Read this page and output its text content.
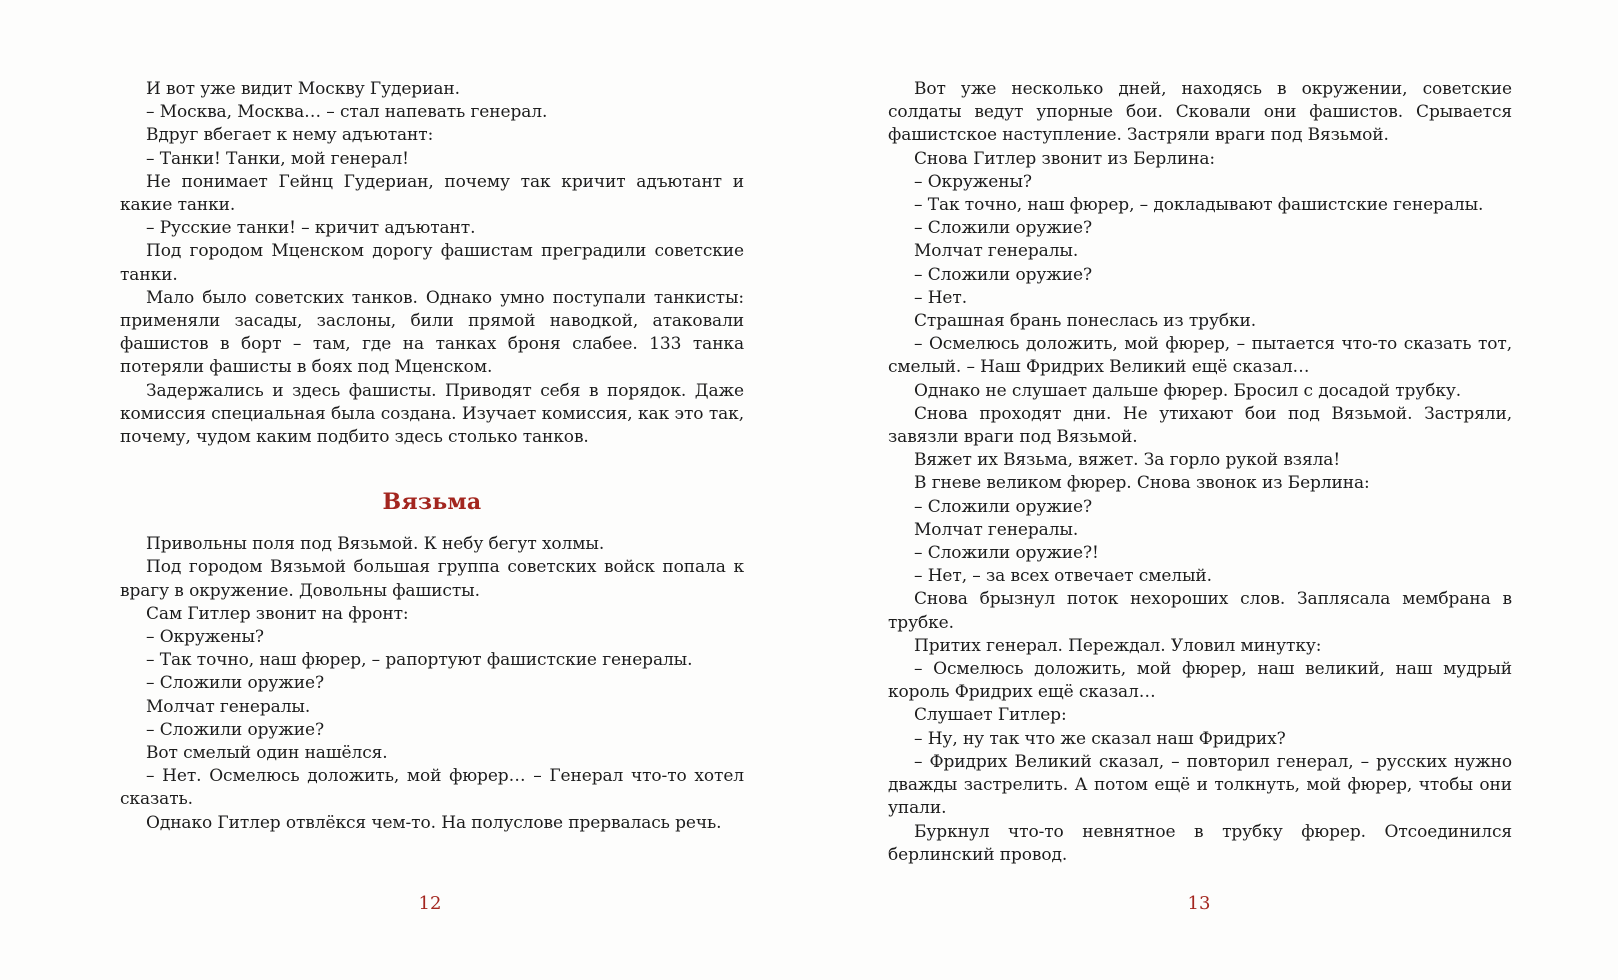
И вот уже видит Москву Гудериан.

– Москва, Москва… – стал напевать генерал.

Вдруг вбегает к нему адъютант:

– Танки! Танки, мой генерал!

Не понимает Гейнц Гудериан, почему так кричит адъютант и какие танки.

– Русские танки! – кричит адъютант.

Под городом Мценском дорогу фашистам преградили советские танки.

Мало было советских танков. Однако умно поступали танкисты: применяли засады, заслоны, били прямой наводкой, атаковали фашистов в борт – там, где на танках броня слабее. 133 танка потеряли фашисты в боях под Мценском.

Задержались и здесь фашисты. Приводят себя в порядок. Даже комиссия специальная была создана. Изучает комиссия, как это так, почему, чудом каким подбито здесь столько танков.

Вязьма

Привольны поля под Вязьмой. К небу бегут холмы.

Под городом Вязьмой большая группа советских войск попала к врагу в окружение. Довольны фашисты.

Сам Гитлер звонит на фронт:

– Окружены?

– Так точно, наш фюрер, – рапортуют фашистские генералы.

– Сложили оружие?

Молчат генералы.

– Сложили оружие?

Вот смелый один нашёлся.

– Нет. Осмелюсь доложить, мой фюрер… – Генерал что-то хотел сказать.

Однако Гитлер отвлёкся чем-то. На полуслове прервалась речь.

12

Вот уже несколько дней, находясь в окружении, советские солдаты ведут упорные бои. Сковали они фашистов. Срывается фашистское наступление. Застряли враги под Вязьмой.

Снова Гитлер звонит из Берлина:

– Окружены?

– Так точно, наш фюрер, – докладывают фашистские генералы.

– Сложили оружие?

Молчат генералы.

– Сложили оружие?

– Нет.

Страшная брань понеслась из трубки.

– Осмелюсь доложить, мой фюрер, – пытается что-то сказать тот, смелый. – Наш Фридрих Великий ещё сказал…

Однако не слушает дальше фюрер. Бросил с досадой трубку.

Снова проходят дни. Не утихают бои под Вязьмой. Застряли, завязли враги под Вязьмой.

Вяжет их Вязьма, вяжет. За горло рукой взяла!

В гневе великом фюрер. Снова звонок из Берлина:

– Сложили оружие?

Молчат генералы.

– Сложили оружие?!

– Нет, – за всех отвечает смелый.

Снова брызнул поток нехороших слов. Заплясала мембрана в трубке.

Притих генерал. Переждал. Уловил минутку:

– Осмелюсь доложить, мой фюрер, наш великий, наш мудрый король Фридрих ещё сказал…

Слушает Гитлер:

– Ну, ну так что же сказал наш Фридрих?

– Фридрих Великий сказал, – повторил генерал, – русских нужно дважды застрелить. А потом ещё и толкнуть, мой фюрер, чтобы они упали.

Буркнул что-то невнятное в трубку фюрер. Отсоединился берлинский провод.

13
